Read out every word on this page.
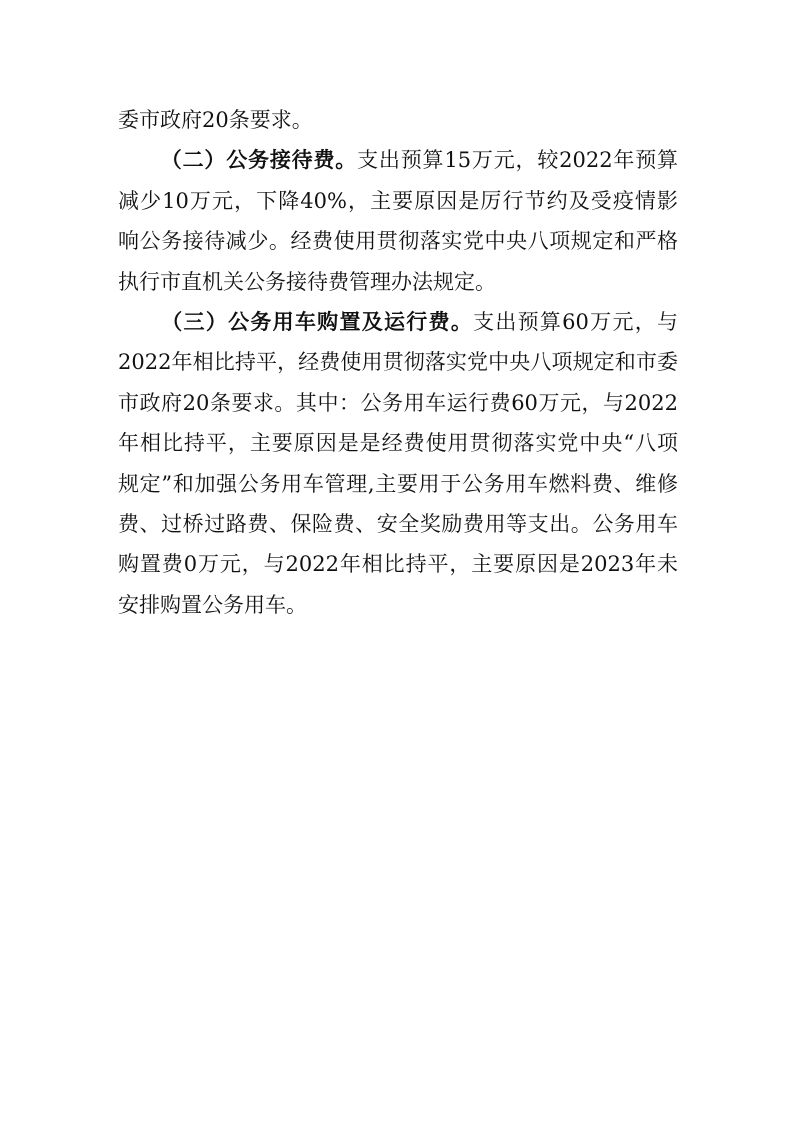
委市政府20条要求。
（二）公务接待费。支出预算15万元，较2022年预算
减少10万元，下降40%，主要原因是厉行节约及受疫情影
响公务接待减少。经费使用贯彻落实党中央八项规定和严格
执行市直机关公务接待费管理办法规定。
（三）公务用车购置及运行费。支出预算60万元，与
2022年相比持平，经费使用贯彻落实党中央八项规定和市委
市政府20条要求。其中：公务用车运行费60万元，与2022
年相比持平，主要原因是是经费使用贯彻落实党中央“八项
规定”和加强公务用车管理,主要用于公务用车燃料费、维修
费、过桥过路费、保险费、安全奖励费用等支出。公务用车
购置费0万元，与2022年相比持平，主要原因是2023年未
安排购置公务用车。
